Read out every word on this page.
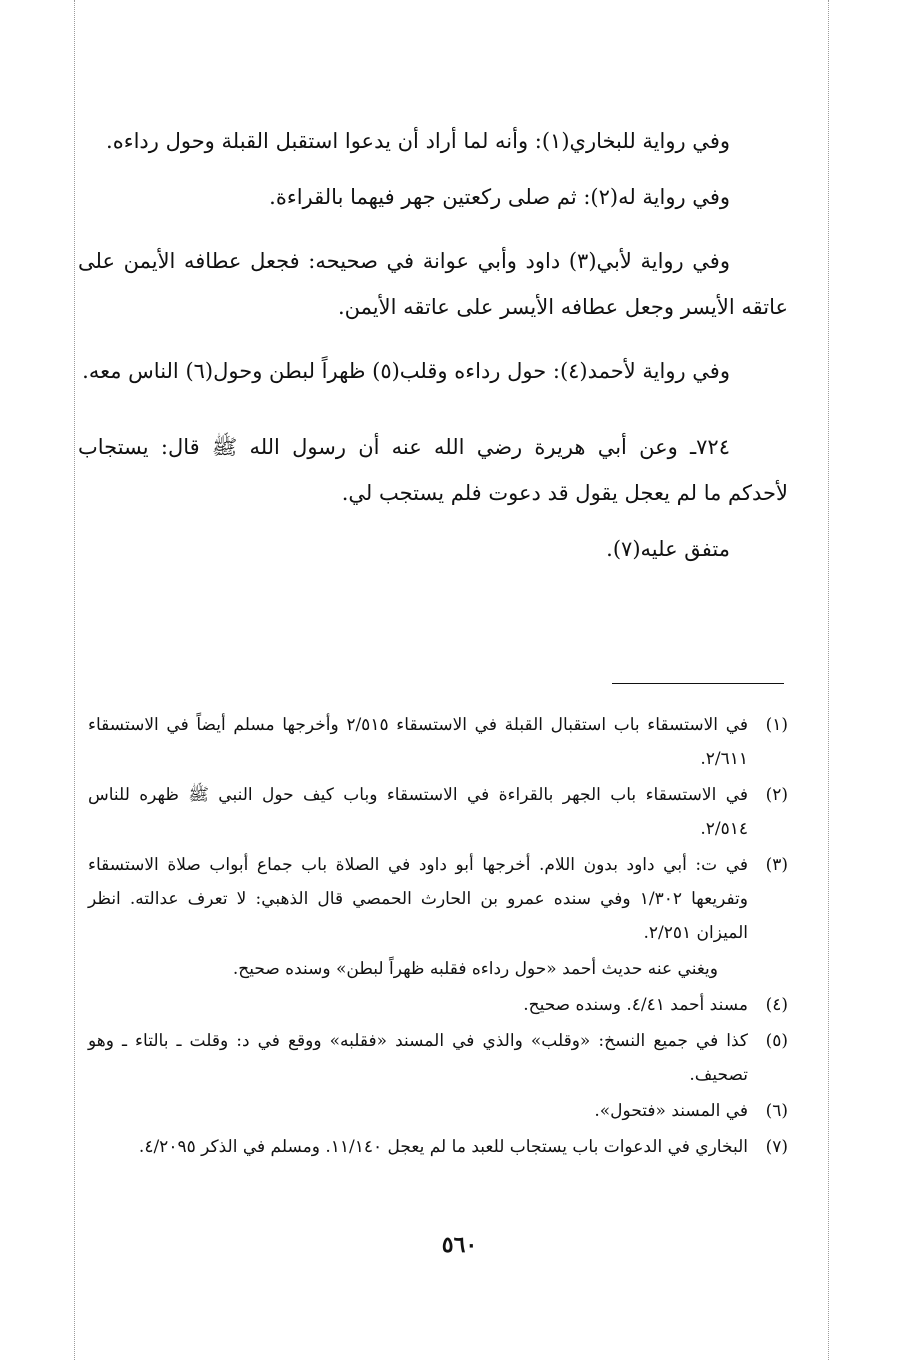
وفي رواية للبخاري(١): وأنه لما أراد أن يدعوا استقبل القبلة وحول رداءه.

وفي رواية له(٢): ثم صلى ركعتين جهر فيهما بالقراءة.

وفي رواية لأبي(٣) داود وأبي عوانة في صحيحه: فجعل عطافه الأيمن على عاتقه الأيسر وجعل عطافه الأيسر على عاتقه الأيمن.

وفي رواية لأحمد(٤): حول رداءه وقلب(٥) ظهراً لبطن وحول(٦) الناس معه.

٧٢٤ـ وعن أبي هريرة رضي الله عنه أن رسول الله ﷺ قال: يستجاب لأحدكم ما لم يعجل يقول قد دعوت فلم يستجب لي.

متفق عليه(٧).

(١)
في الاستسقاء باب استقبال القبلة في الاستسقاء ٢/٥١٥ وأخرجها مسلم أيضاً في الاستسقاء ٢/٦١١.
(٢)
في الاستسقاء باب الجهر بالقراءة في الاستسقاء وباب كيف حول النبي ﷺ ظهره للناس ٢/٥١٤.
(٣)
في ت: أبي داود بدون اللام. أخرجها أبو داود في الصلاة باب جماع أبواب صلاة الاستسقاء وتفريعها ١/٣٠٢ وفي سنده عمرو بن الحارث الحمصي قال الذهبي: لا تعرف عدالته. انظر الميزان ٢/٢٥١.
ويغني عنه حديث أحمد «حول رداءه فقلبه ظهراً لبطن» وسنده صحيح.
(٤)
مسند أحمد ٤/٤١. وسنده صحيح.
(٥)
كذا في جميع النسخ: «وقلب» والذي في المسند «فقلبه» ووقع في د: وقلت ـ بالتاء ـ وهو تصحيف.
(٦)
في المسند «فتحول».
(٧)
البخاري في الدعوات باب يستجاب للعبد ما لم يعجل ١١/١٤٠. ومسلم في الذكر ٤/٢٠٩٥.
٥٦٠
